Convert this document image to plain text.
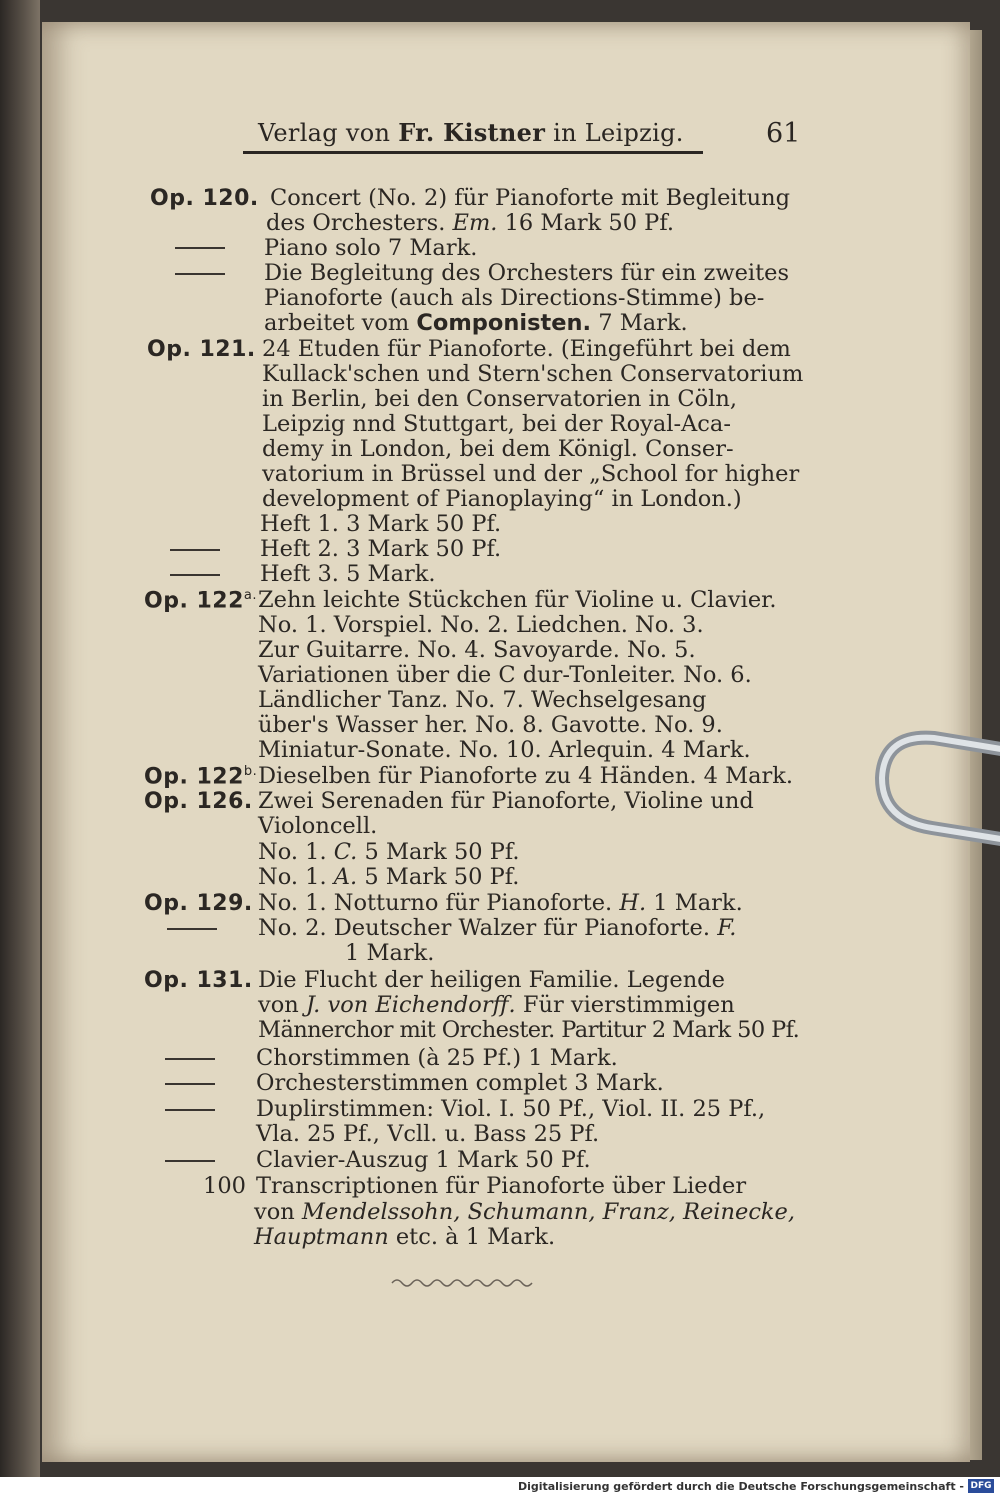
Verlag von Fr. Kistner in Leipzig.	61
Op. 120. Concert (No. 2) für Pianoforte mit Begleitung
des Orchesters. Em. 16 Mark 50 Pf.
Piano solo 7 Mark.
Die Begleitung des Orchesters für ein zweites
Pianoforte (auch als Directions-Stimme) be-
arbeitet vom Componisten. 7 Mark.
Op. 121. 24 Etuden für Pianoforte. (Eingeführt bei dem
Kullack'schen und Stern'schen Conservatorium
in Berlin, bei den Conservatorien in Cöln,
Leipzig nnd Stuttgart, bei der Royal-Aca-
demy in London, bei dem Königl. Conser-
vatorium in Brüssel und der „School for higher
development of Pianoplaying“ in London.)
Heft 1. 3 Mark 50 Pf.
Heft 2. 3 Mark 50 Pf.
Heft 3. 5 Mark.
Op. $122^{a.}$ Zehn leichte Stückchen für Violine u. Clavier.
No. 1. Vorspiel. No. 2. Liedchen. No. 3.
Zur Guitarre. No. 4. Savoyarde. No. 5.
Variationen über die C dur-Tonleiter. No. 6.
Ländlicher Tanz. No. 7. Wechselgesang
über's Wasser her. No. 8. Gavotte. No. 9.
Miniatur-Sonate. No. 10. Arlequin. 4 Mark.
Op. $122^{b.}$ Dieselben für Pianoforte zu 4 Händen. 4 Mark.
Op. 126. Zwei Serenaden für Pianoforte, Violine und
Violoncell.
No. 1. C. 5 Mark 50 Pf.
No. 1. A. 5 Mark 50 Pf.
Op. 129. No. 1. Notturno für Pianoforte. H. 1 Mark.
No. 2. Deutscher Walzer für Pianoforte. F.
1 Mark.
Op. 131. Die Flucht der heiligen Familie. Legende
von J. von Eichendorff. Für vierstimmigen
Männerchor mit Orchester. Partitur 2 Mark 50 Pf.
Chorstimmen (à 25 Pf.) 1 Mark.
Orchesterstimmen complet 3 Mark.
Duplirstimmen: Viol. I. 50 Pf., Viol. II. 25 Pf.,
Vla. 25 Pf., Vcll. u. Bass 25 Pf.
Clavier-Auszug 1 Mark 50 Pf.
100 Transcriptionen für Pianoforte über Lieder
von Mendelssohn, Schumann, Franz, Reinecke,
Hauptmann etc. à 1 Mark.
Digitalisierung gefördert durch die Deutsche Forschungsgemeinschaft - DFG
